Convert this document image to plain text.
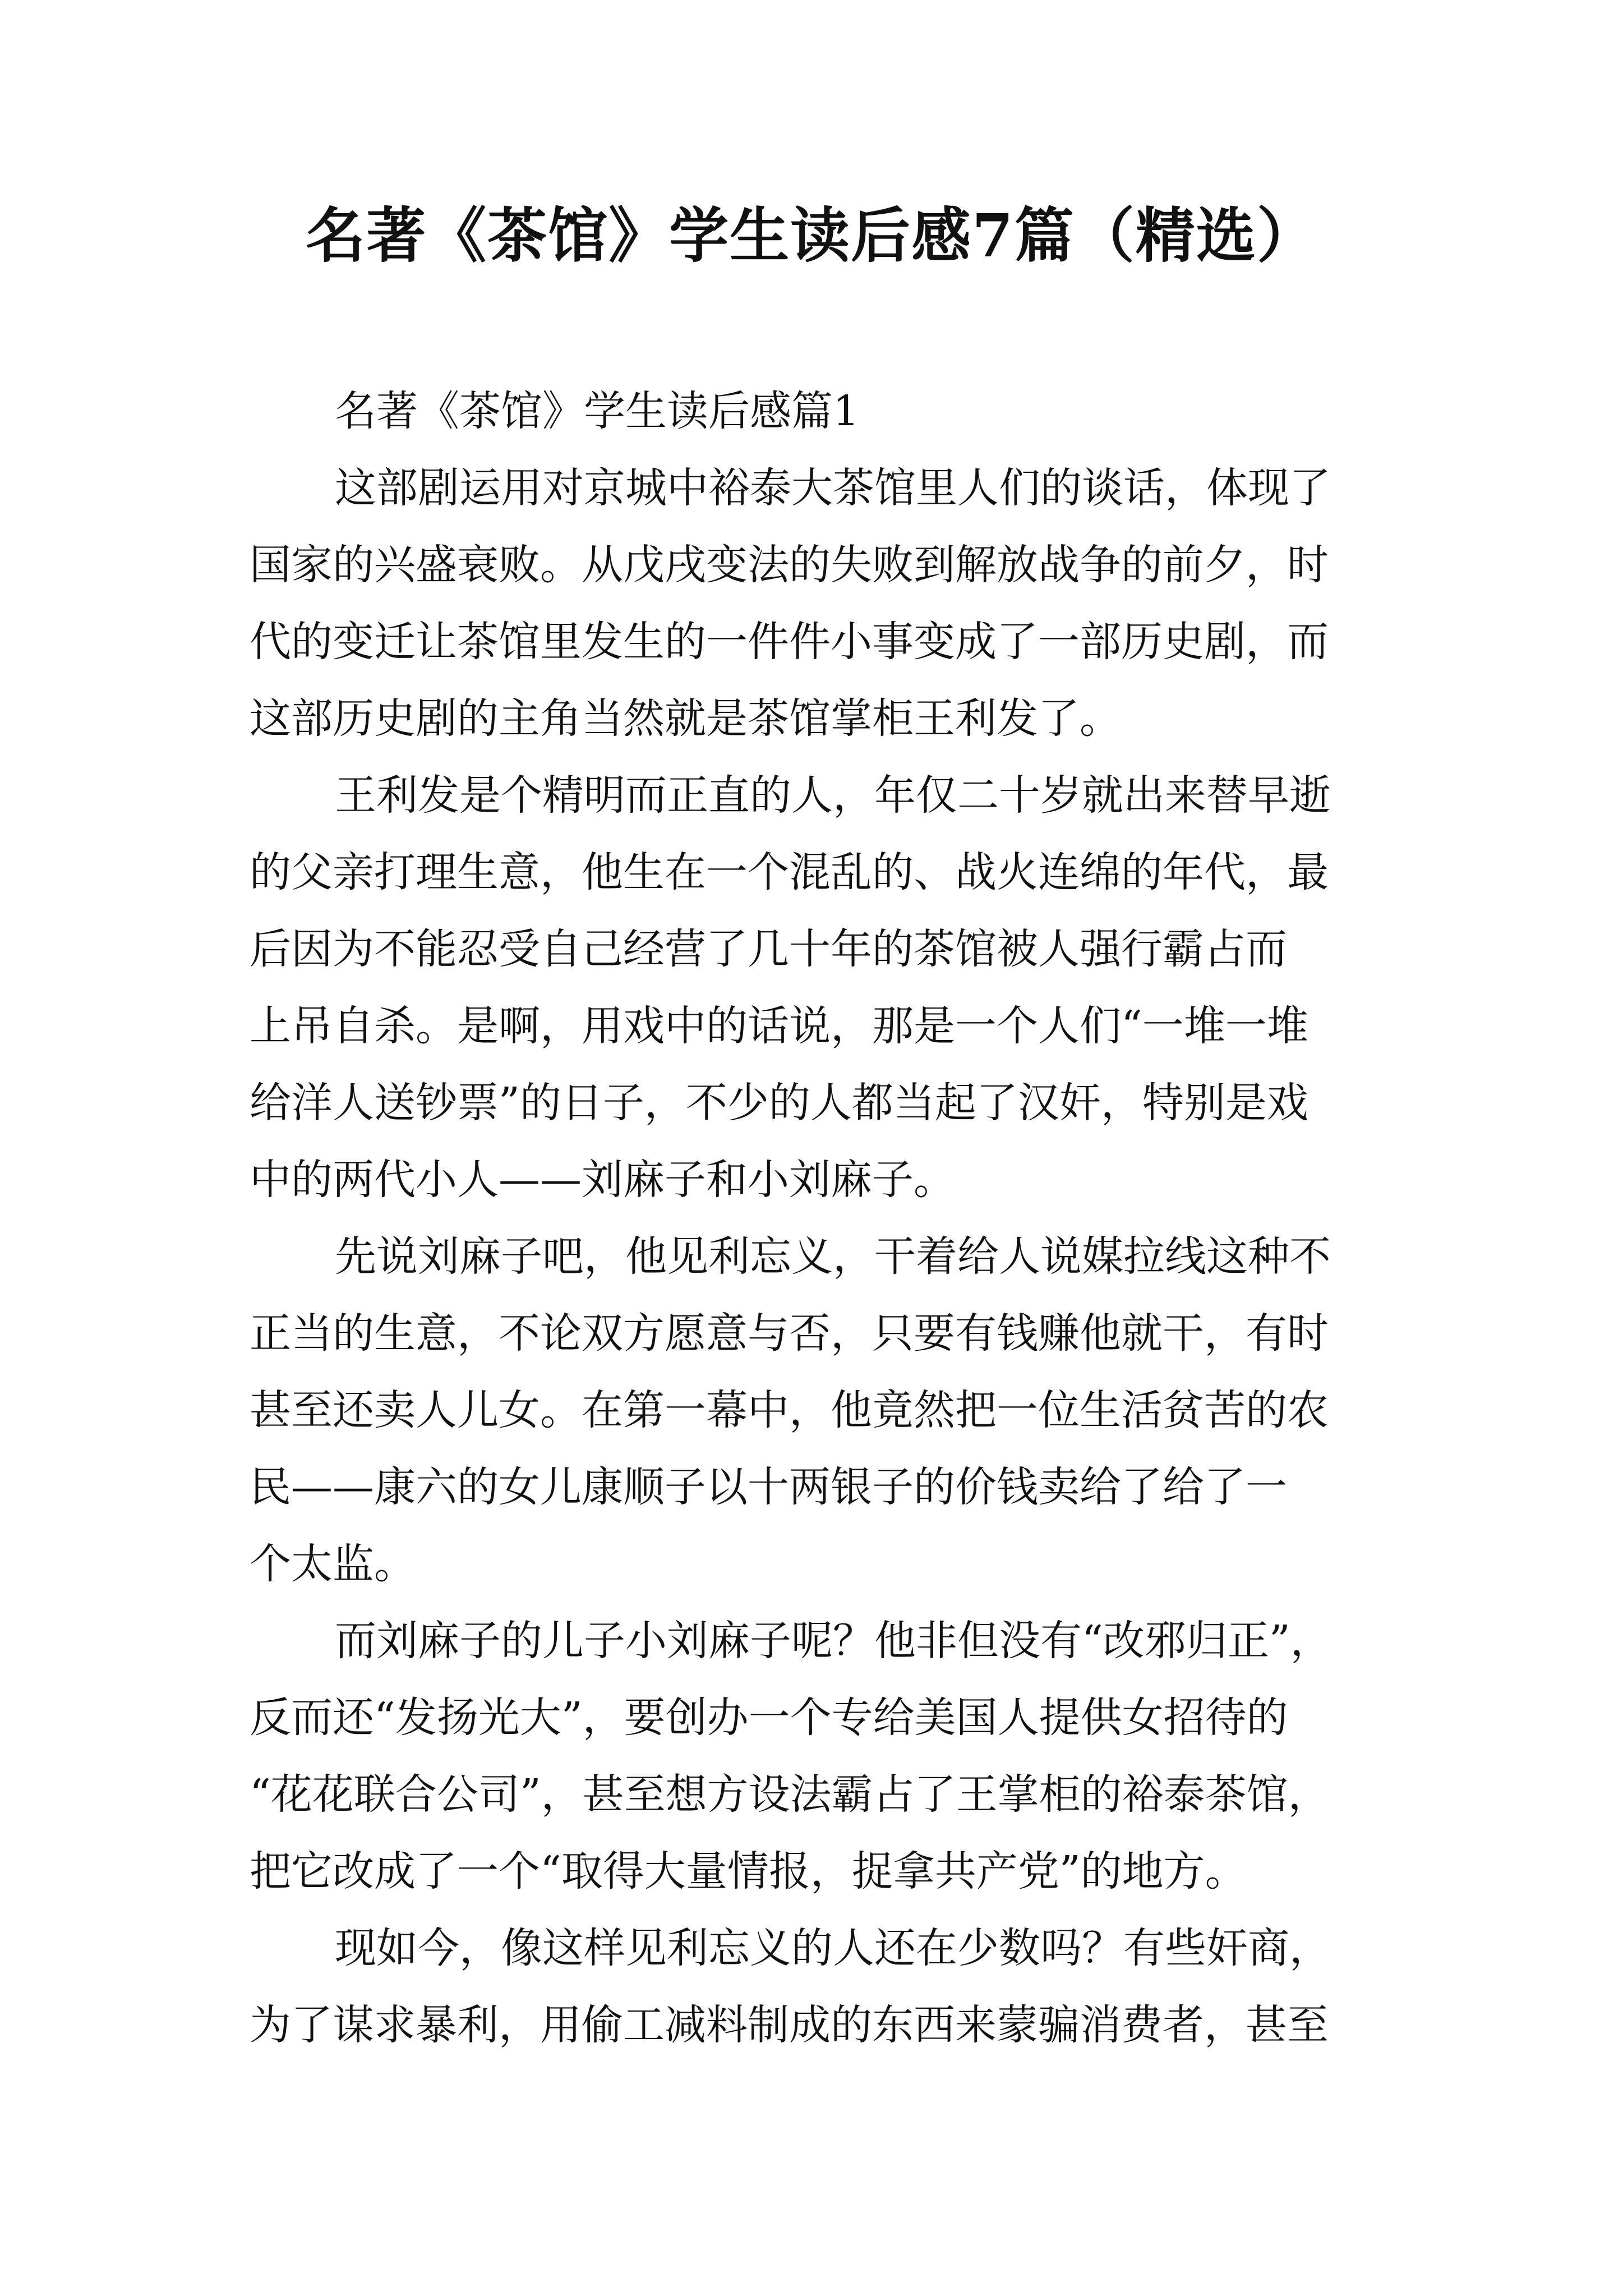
名著《茶馆》学生读后感7篇（精选）
名著《茶馆》学生读后感篇1
这部剧运用对京城中裕泰大茶馆里人们的谈话，体现了
国家的兴盛衰败。从戊戌变法的失败到解放战争的前夕，时
代的变迁让茶馆里发生的一件件小事变成了一部历史剧，而
这部历史剧的主角当然就是茶馆掌柜王利发了。
王利发是个精明而正直的人，年仅二十岁就出来替早逝
的父亲打理生意，他生在一个混乱的、战火连绵的年代，最
后因为不能忍受自己经营了几十年的茶馆被人强行霸占而
上吊自杀。是啊，用戏中的话说，那是一个人们“一堆一堆
给洋人送钞票”的日子，不少的人都当起了汉奸，特别是戏
中的两代小人——刘麻子和小刘麻子。
先说刘麻子吧，他见利忘义，干着给人说媒拉线这种不
正当的生意，不论双方愿意与否，只要有钱赚他就干，有时
甚至还卖人儿女。在第一幕中，他竟然把一位生活贫苦的农
民——康六的女儿康顺子以十两银子的价钱卖给了给了一
个太监。
而刘麻子的儿子小刘麻子呢？他非但没有“改邪归正”，
反而还“发扬光大”，要创办一个专给美国人提供女招待的
“花花联合公司”，甚至想方设法霸占了王掌柜的裕泰茶馆，
把它改成了一个“取得大量情报，捉拿共产党”的地方。
现如今，像这样见利忘义的人还在少数吗？有些奸商，
为了谋求暴利，用偷工减料制成的东西来蒙骗消费者，甚至
